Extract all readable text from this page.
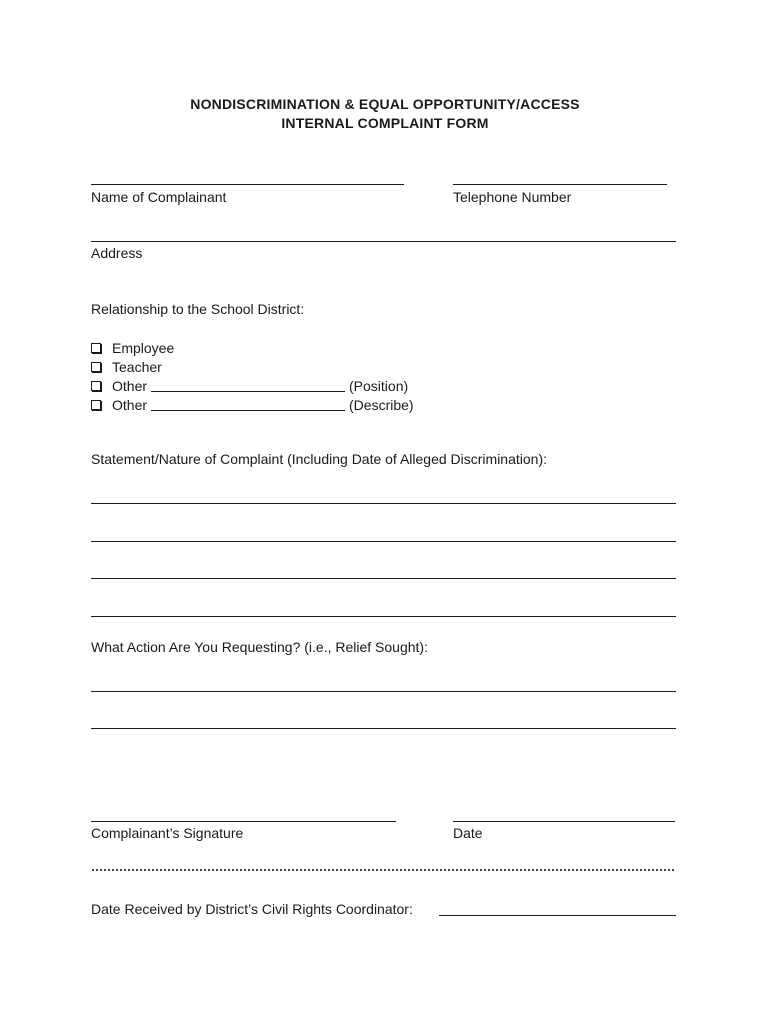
NONDISCRIMINATION & EQUAL OPPORTUNITY/ACCESS
INTERNAL COMPLAINT FORM
Name of Complainant	Telephone Number
Address
Relationship to the School District:
Employee
Teacher
Other	(Position)
Other	(Describe)
Statement/Nature of Complaint (Including Date of Alleged Discrimination):
What Action Are You Requesting? (i.e., Relief Sought):
Complainant’s Signature	Date
Date Received by District’s Civil Rights Coordinator:
